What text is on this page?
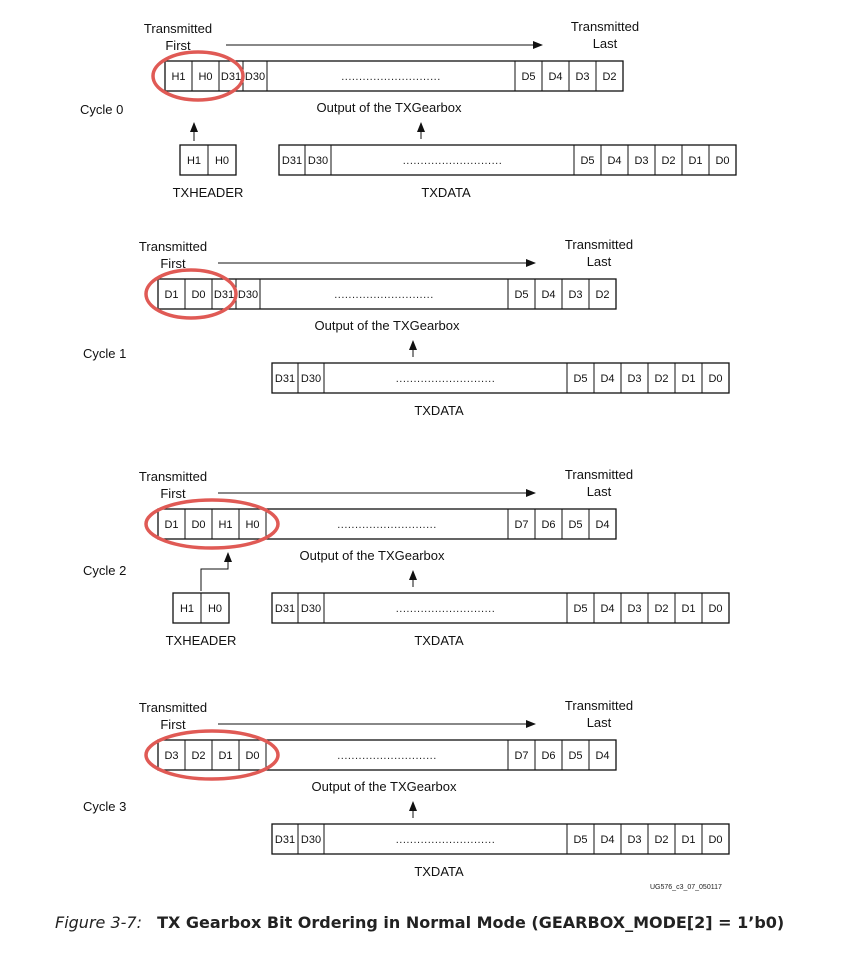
Transmitted
First
Transmitted
Last
Cycle 0
H1 H0 D31 D30	D2
D3
D4
D5
............................
Output of the TXGearbox
D31 D30	D0
D1
D2
D3
D4
D5
............................
TXDATA
H1 H0
TXHEADER
Transmitted
First
Transmitted
Last
Cycle 1
D1 D0 D31 D30	D2
D3
D4
D5
............................
Output of the TXGearbox
D31 D30	D0
D1
D2
D3
D4
D5
............................
TXDATA
Transmitted
First
Transmitted
Last
Cycle 2
D1 D0 H1 H0	D4
D5
D6
D7
............................
Output of the TXGearbox
D31 D30	D0
D1
D2
D3
D4
D5
............................
TXDATA
H1 H0
TXHEADER
Transmitted
First
Transmitted
Last
Cycle 3
D3 D2 D1 D0	D4
D5
D6
D7
............................
Output of the TXGearbox
D31 D30	D0
D1
D2
D3
D4
D5
............................
TXDATA
UG576_c3_07_050117
Figure 3-7: TX Gearbox Bit Ordering in Normal Mode (GEARBOX_MODE[2] = 1’b0)
